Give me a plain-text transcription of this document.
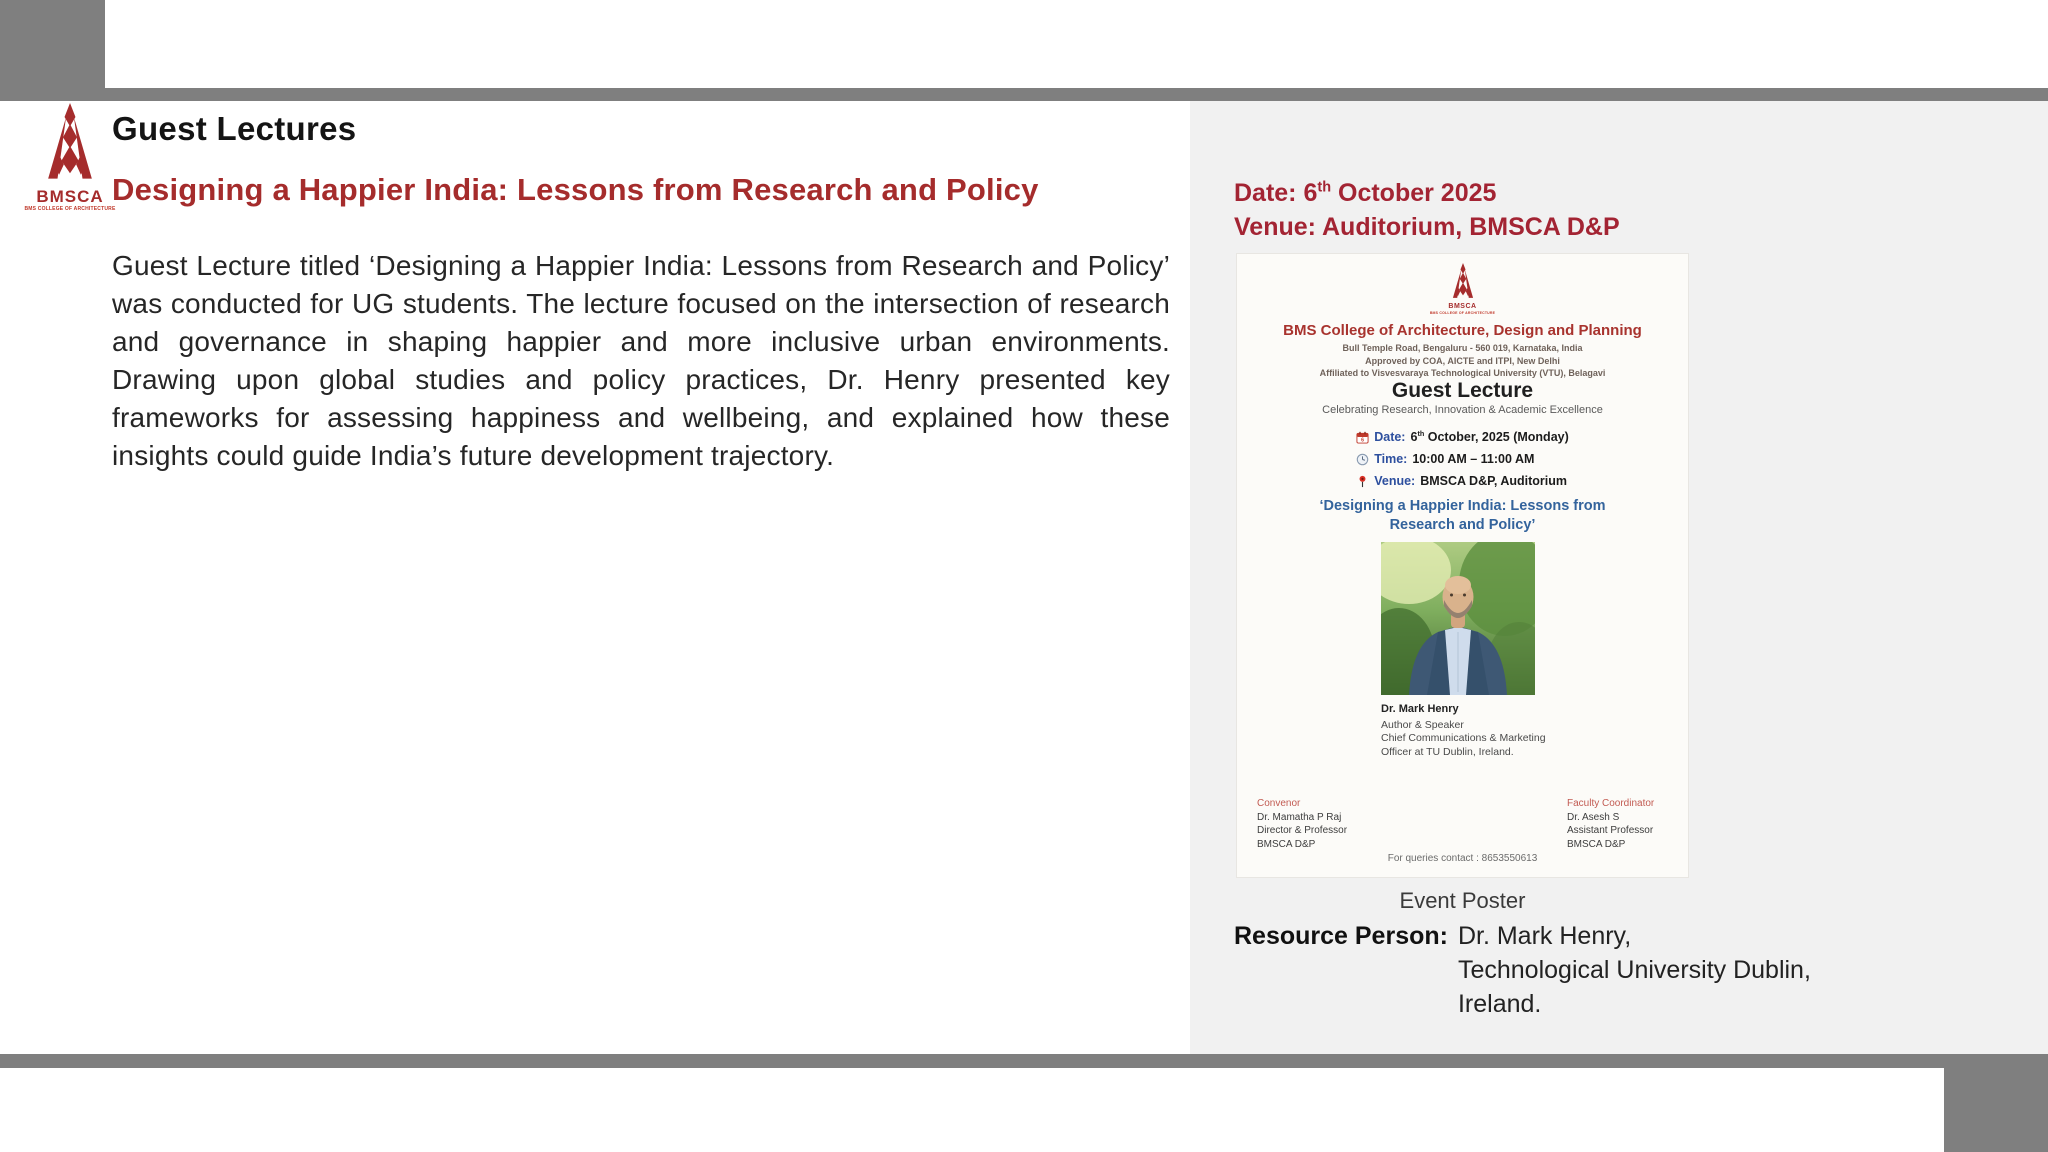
BMSCA
BMS COLLEGE OF ARCHITECTURE
Guest Lectures
Designing a Happier India: Lessons from Research and Policy

Guest Lecture titled ‘Designing a Happier India: Lessons from Research and Policy’ was conducted for UG students. The lecture focused on the intersection of research and governance in shaping happier and more inclusive urban environments. Drawing upon global studies and policy practices, Dr. Henry presented key frameworks for assessing happiness and wellbeing, and explained how these insights could guide India’s future development trajectory.

Date: 6th October 2025
Venue: Auditorium, BMSCA D&P
BMSCA
BMS COLLEGE OF ARCHITECTURE
BMS College of Architecture, Design and Planning
Bull Temple Road, Bengaluru - 560 019, Karnataka, India
Approved by COA, AICTE and ITPI, New Delhi
Affiliated to Visvesvaraya Technological University (VTU), Belagavi
Guest Lecture
Celebrating Research, Innovation & Academic Excellence
6 Date: 6th October, 2025 (Monday)
Time: 10:00 AM – 11:00 AM
Venue: BMSCA D&P, Auditorium
‘Designing a Happier India: Lessons from
Research and Policy’
Dr. Mark Henry
Author & Speaker
Chief Communications & Marketing
Officer at TU Dublin, Ireland.
Convenor
Dr. Mamatha P Raj
Director & Professor
BMSCA D&P
Faculty Coordinator
Dr. Asesh S
Assistant Professor
BMSCA D&P
For queries contact : 8653550613
Event Poster
Resource Person: Dr. Mark Henry,
Technological University Dublin,
Ireland.
